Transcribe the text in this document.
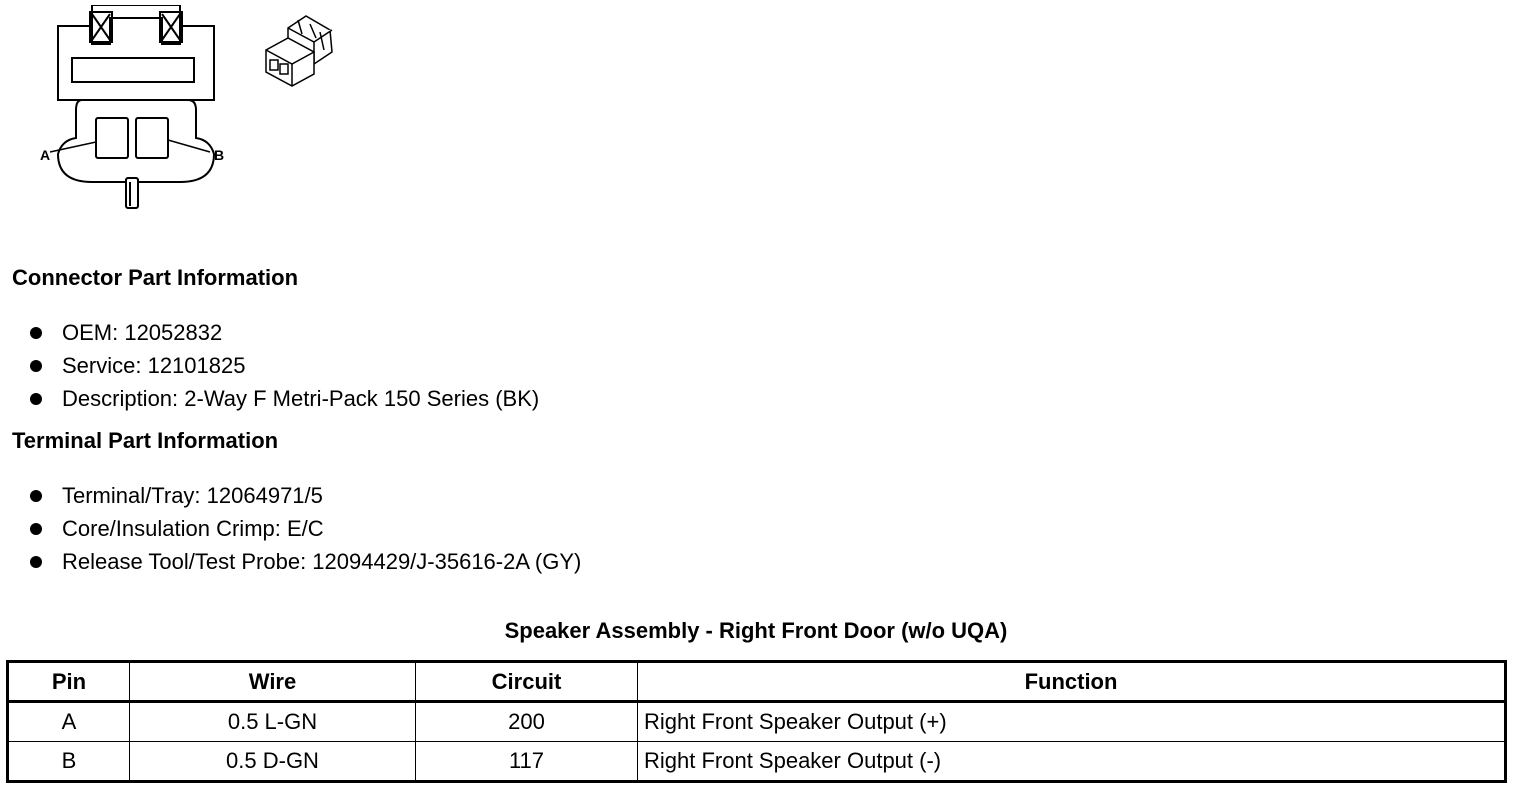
A	B
Connector Part Information
OEM: 12052832
Service: 12101825
Description: 2-Way F Metri-Pack 150 Series (BK)
Terminal Part Information
Terminal/Tray: 12064971/5
Core/Insulation Crimp: E/C
Release Tool/Test Probe: 12094429/J-35616-2A (GY)
Speaker Assembly - Right Front Door (w/o UQA)
Pin	Wire	Circuit	Function
A	0.5 L-GN	200	Right Front Speaker Output (+)
B	0.5 D-GN	117	Right Front Speaker Output (-)
